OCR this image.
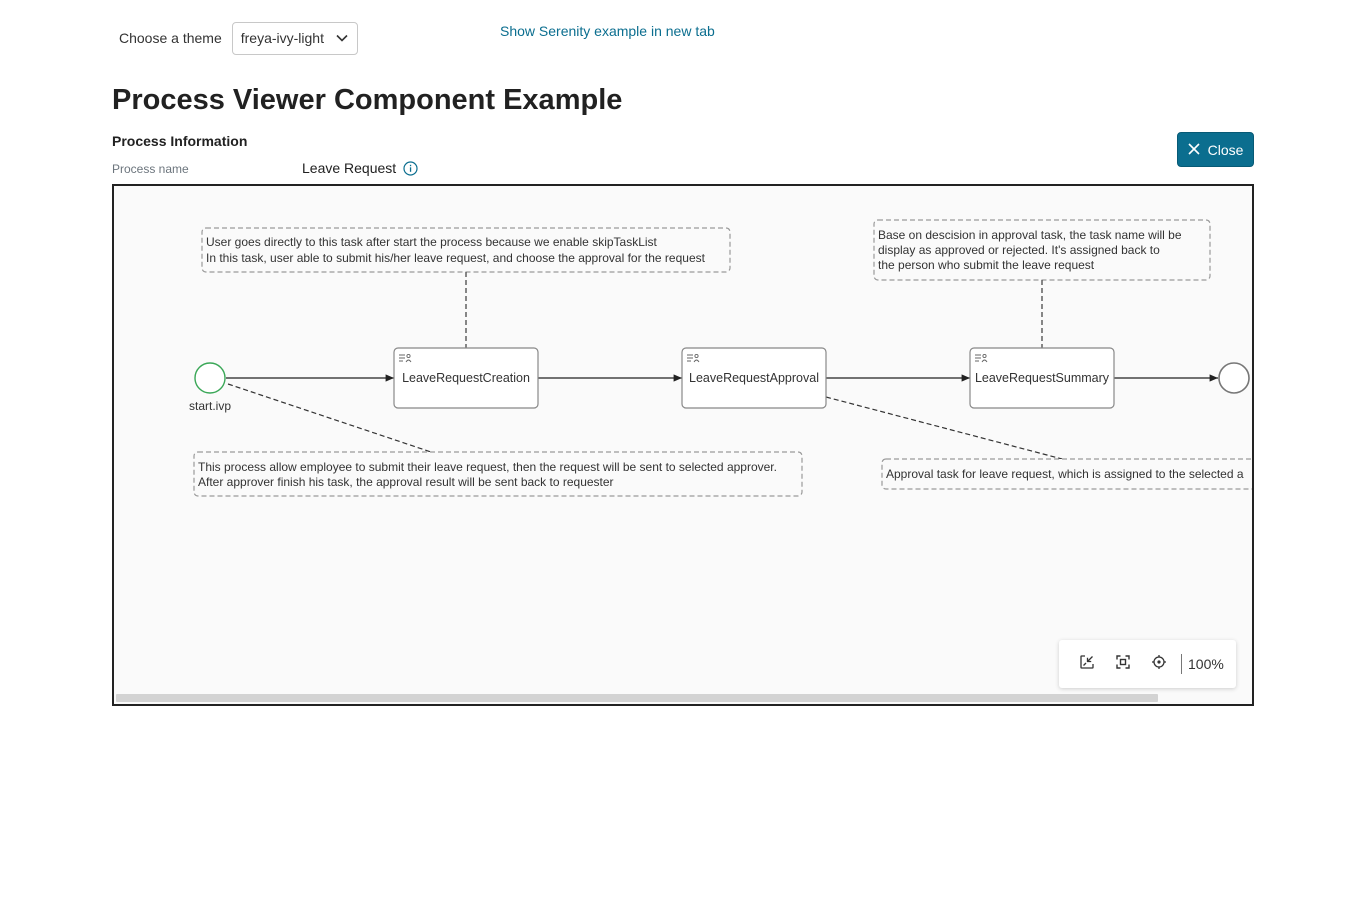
Choose a theme freya-ivy-light	Show Serenity example in new tab
Process Viewer Component Example
Process Information
Process name	Leave Request
Close
User goes directly to this task after start the process because we enable skipTaskList
In this task, user able to submit his/her leave request, and choose the approval for the request
Base on descision in approval task, the task name will be
display as approved or rejected. It's assigned back to
the person who submit the leave request
start.ivp
LeaveRequestCreation	LeaveRequestApproval	LeaveRequestSummary
This process allow employee to submit their leave request, then the request will be sent to selected approver.
After approver finish his task, the approval result will be sent back to requester
Approval task for leave request, which is assigned to the selected a
100%
